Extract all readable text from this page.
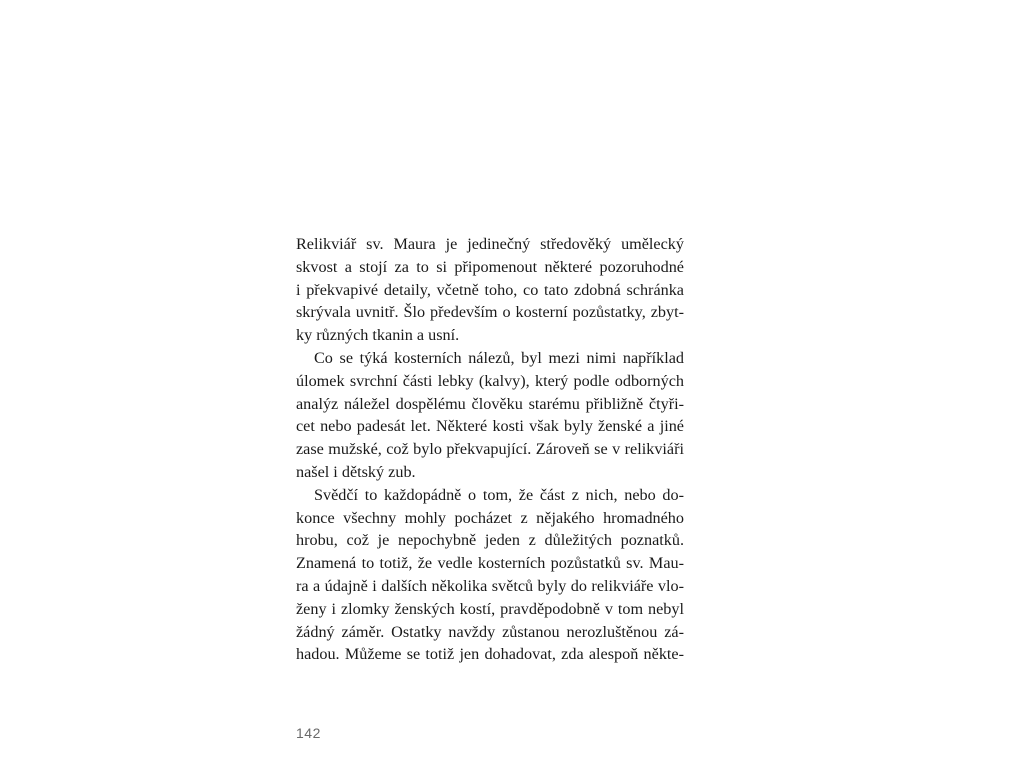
Relikviář sv. Maura je jedinečný středověký umělecký
skvost a stojí za to si připomenout některé pozoruhodné
i překvapivé detaily, včetně toho, co tato zdobná schránka
skrývala uvnitř. Šlo především o kosterní pozůstatky, zbyt-
ky různých tkanin a usní.
Co se týká kosterních nálezů, byl mezi nimi například
úlomek svrchní části lebky (kalvy), který podle odborných
analýz náležel dospělému člověku starému přibližně čtyři-
cet nebo padesát let. Některé kosti však byly ženské a jiné
zase mužské, což bylo překvapující. Zároveň se v relikviáři
našel i dětský zub.
Svědčí to každopádně o tom, že část z nich, nebo do-
konce všechny mohly pocházet z nějakého hromadného
hrobu, což je nepochybně jeden z důležitých poznatků.
Znamená to totiž, že vedle kosterních pozůstatků sv. Mau-
ra a údajně i dalších několika světců byly do relikviáře vlo-
ženy i zlomky ženských kostí, pravděpodobně v tom nebyl
žádný záměr. Ostatky navždy zůstanou nerozluštěnou zá-
hadou. Můžeme se totiž jen dohadovat, zda alespoň někte-
142
